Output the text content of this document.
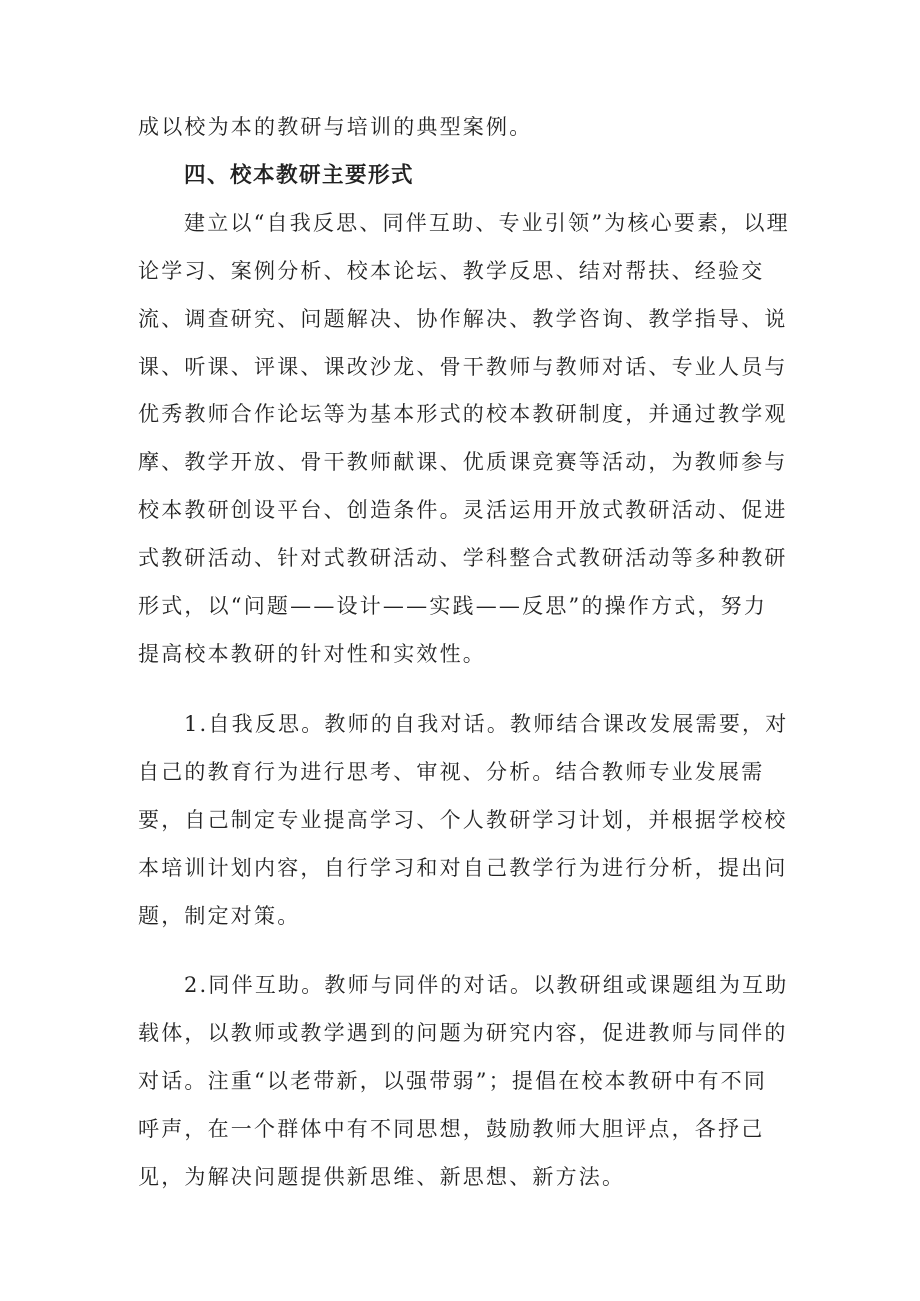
成以校为本的教研与培训的典型案例。

四、校本教研主要形式

建立以“自我反思、同伴互助、专业引领”为核心要素，以理论学习、案例分析、校本论坛、教学反思、结对帮扶、经验交流、调查研究、问题解决、协作解决、教学咨询、教学指导、说课、听课、评课、课改沙龙、骨干教师与教师对话、专业人员与优秀教师合作论坛等为基本形式的校本教研制度，并通过教学观摩、教学开放、骨干教师献课、优质课竞赛等活动，为教师参与校本教研创设平台、创造条件。灵活运用开放式教研活动、促进式教研活动、针对式教研活动、学科整合式教研活动等多种教研形式，以“问题——设计——实践——反思”的操作方式，努力提高校本教研的针对性和实效性。

1.自我反思。教师的自我对话。教师结合课改发展需要，对自己的教育行为进行思考、审视、分析。结合教师专业发展需要，自己制定专业提高学习、个人教研学习计划，并根据学校校本培训计划内容，自行学习和对自己教学行为进行分析，提出问题，制定对策。

2.同伴互助。教师与同伴的对话。以教研组或课题组为互助载体，以教师或教学遇到的问题为研究内容，促进教师与同伴的对话。注重“以老带新，以强带弱”；提倡在校本教研中有不同呼声，在一个群体中有不同思想，鼓励教师大胆评点，各抒己见，为解决问题提供新思维、新思想、新方法。
